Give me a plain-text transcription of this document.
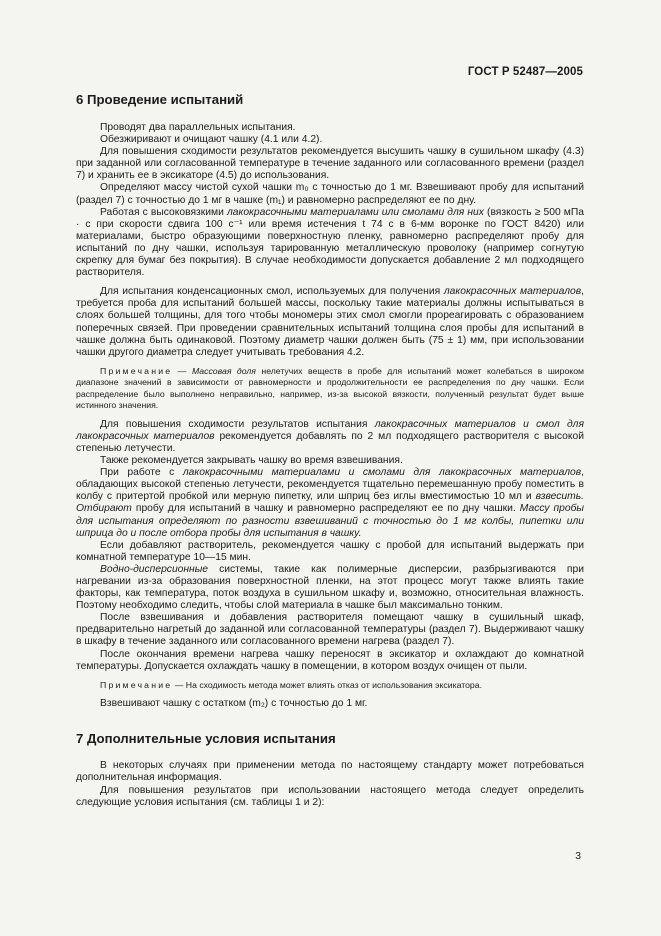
ГОСТ Р 52487—2005
6 Проведение испытаний

Проводят два параллельных испытания.

Обезжиривают и очищают чашку (4.1 или 4.2).

Для повышения сходимости результатов рекомендуется высушить чашку в сушильном шкафу (4.3) при заданной или согласованной температуре в течение заданного или согласованного времени (раздел 7) и хранить ее в эксикаторе (4.5) до использования.

Определяют массу чистой сухой чашки m₀ с точностью до 1 мг. Взвешивают пробу для испытаний (раздел 7) с точностью до 1 мг в чашке (m₁) и равномерно распределяют ее по дну.

Работая с высоковязкими лакокрасочными материалами или смолами для них (вязкость ≥ 500 мПа · с при скорости сдвига 100 с⁻¹ или время истечения t 74 с в 6-мм воронке по ГОСТ 8420) или материалами, быстро образующими поверхностную пленку, равномерно распределяют пробу для испытаний по дну чашки, используя тарированную металлическую проволоку (например согнутую скрепку для бумаг без покрытия). В случае необходимости допускается добавление 2 мл подходящего растворителя.

Для испытания конденсационных смол, используемых для получения лакокрасочных материалов, требуется проба для испытаний большей массы, поскольку такие материалы должны испытываться в слоях большей толщины, для того чтобы мономеры этих смол смогли прореагировать с образованием поперечных связей. При проведении сравнительных испытаний толщина слоя пробы для испытаний в чашке должна быть одинаковой. Поэтому диаметр чашки должен быть (75 ± 1) мм, при использовании чашки другого диаметра следует учитывать требования 4.2.

Примечание — Массовая доля нелетучих веществ в пробе для испытаний может колебаться в широком диапазоне значений в зависимости от равномерности и продолжительности ее распределения по дну чашки. Если распределение было выполнено неправильно, например, из-за высокой вязкости, полученный результат будет выше истинного значения.

Для повышения сходимости результатов испытания лакокрасочных материалов и смол для лакокрасочных материалов рекомендуется добавлять по 2 мл подходящего растворителя с высокой степенью летучести.

Также рекомендуется закрывать чашку во время взвешивания.

При работе с лакокрасочными материалами и смолами для лакокрасочных материалов, обладающих высокой степенью летучести, рекомендуется тщательно перемешанную пробу поместить в колбу с притертой пробкой или мерную пипетку, или шприц без иглы вместимостью 10 мл и взвесить. Отбирают пробу для испытаний в чашку и равномерно распределяют ее по дну чашки. Массу пробы для испытания определяют по разности взвешиваний с точностью до 1 мг колбы, пипетки или шприца до и после отбора пробы для испытания в чашку.

Если добавляют растворитель, рекомендуется чашку с пробой для испытаний выдержать при комнатной температуре 10—15 мин.

Водно-дисперсионные системы, такие как полимерные дисперсии, разбрызгиваются при нагревании из-за образования поверхностной пленки, на этот процесс могут также влиять такие факторы, как температура, поток воздуха в сушильном шкафу и, возможно, относительная влажность. Поэтому необходимо следить, чтобы слой материала в чашке был максимально тонким.

После взвешивания и добавления растворителя помещают чашку в сушильный шкаф, предварительно нагретый до заданной или согласованной температуры (раздел 7). Выдерживают чашку в шкафу в течение заданного или согласованного времени нагрева (раздел 7).

После окончания времени нагрева чашку переносят в эксикатор и охлаждают до комнатной температуры. Допускается охлаждать чашку в помещении, в котором воздух очищен от пыли.

Примечание — На сходимость метода может влиять отказ от использования эксикатора.

Взвешивают чашку с остатком (m₂) с точностью до 1 мг.

7 Дополнительные условия испытания

В некоторых случаях при применении метода по настоящему стандарту может потребоваться дополнительная информация.

Для повышения результатов при использовании настоящего метода следует определить следующие условия испытания (см. таблицы 1 и 2):

3
